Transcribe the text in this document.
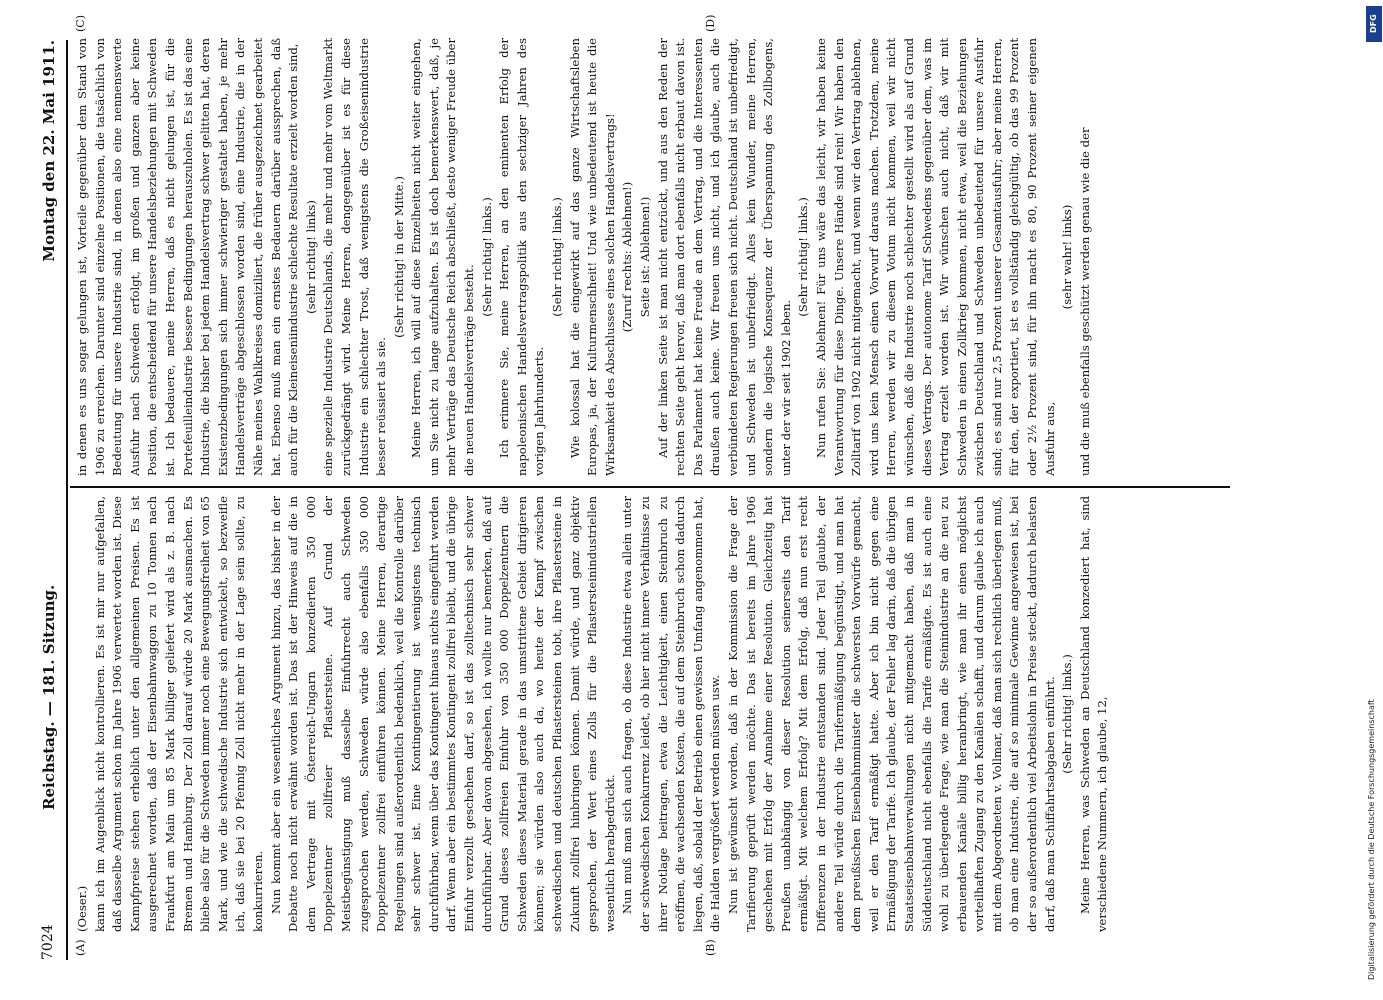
7024
Reichstag. — 181. Sitzung.
Montag den 22. Mai 1911.
(A)	(B)
(C)	(D)

(Oeser.) kann ich im Augenblick nicht kontrollieren. Es ist mir nur aufgefallen, daß dasselbe Argument schon im Jahre 1906 verwertet worden ist. Diese Kampfpreise stehen erheblich unter den allgemeinen Preisen. Es ist ausgerechnet worden, daß der Eisenbahnwaggon zu 10 Tonnen nach Frankfurt am Main um 85 Mark billiger geliefert wird als z. B. nach Bremen und Hamburg. Der Zoll darauf würde 20 Mark ausmachen. Es bliebe also für die Schweden immer noch eine Bewegungsfreiheit von 65 Mark, und wie die schwedische Industrie sich entwickelt, so bezweifle ich, daß sie bei 20 Pfennig Zoll nicht mehr in der Lage sein sollte, zu konkurrieren. Nun kommt aber ein wesentliches Argument hinzu, das bisher in der Debatte noch nicht erwähnt worden ist. Das ist der Hinweis auf die in dem Vertrage mit Österreich-Ungarn konzedierten 350 000 Doppelzentner zollfreier Pflastersteine. Auf Grund der Meistbegünstigung muß dasselbe Einfuhrrecht auch Schweden zugesprochen werden, Schweden würde also ebenfalls 350 000 Doppelzentner zollfrei einführen können. Meine Herren, derartige Regelungen sind außerordentlich bedenklich, weil die Kontrolle darüber sehr schwer ist. Eine Kontingentierung ist wenigstens technisch durchführbar, wenn über das Kontingent hinaus nichts eingeführt werden darf. Wenn aber ein bestimmtes Kontingent zollfrei bleibt, und die übrige Einfuhr verzollt geschehen darf, so ist das zolltechnisch sehr schwer durchführbar. Aber davon abgesehen, ich wollte nur bemerken, daß auf Grund dieses zollfreien Einfuhr von 350 000 Doppelzentnern die Schweden dieses Material gerade in das umstrittene Gebiet dirigieren können; sie würden also auch da, wo heute der Kampf zwischen schwedischen und deutschen Pflastersteinen tobt, ihre Pflastersteine in Zukunft zollfrei hinbringen können. Damit würde, und ganz objektiv gesprochen, der Wert eines Zolls für die Pflastersteinindustriellen wesentlich herabgedrückt. Nun muß man sich auch fragen, ob diese Industrie etwa allein unter der schwedischen Konkurrenz leidet, ob hier nicht innere Verhältnisse zu ihrer Notlage beitragen, etwa die Leichtigkeit, einen Steinbruch zu eröffnen, die wachsenden Kosten, die auf dem Steinbruch schon dadurch liegen, daß, sobald der Betrieb einen gewissen Umfang angenommen hat, die Halden vergrößert werden müssen usw. Nun ist gewünscht worden, daß in der Kommission die Frage der Tarifierung geprüft werden möchte. Das ist bereits im Jahre 1906 geschehen mit Erfolg der Annahme einer Resolution. Gleichzeitig hat Preußen unabhängig von dieser Resolution seinerseits den Tarif ermäßigt. Mit welchem Erfolg? Mit dem Erfolg, daß nun erst recht Differenzen in der Industrie entstanden sind. Jeder Teil glaubte, der andere Teil würde durch die Tarifermäßigung begünstigt, und man hat dem preußischen Eisenbahnminister die schwersten Vorwürfe gemacht, weil er den Tarif ermäßigt hatte. Aber ich bin nicht gegen eine Ermäßigung der Tarife. Ich glaube, der Fehler lag darin, daß die übrigen Staatseisenbahnverwaltungen nicht mitgemacht haben, daß man in Süddeutschland nicht ebenfalls die Tarife ermäßigte. Es ist auch eine wohl zu überlegende Frage, wie man die Steinindustrie an die neu zu erbauenden Kanäle billig heranbringt, wie man ihr einen möglichst vorteilhaften Zugang zu den Kanälen schafft, und darum glaube ich auch mit dem Abgeordneten v. Vollmar, daß man sich rechtlich überlegen muß, ob man eine Industrie, die auf so minimale Gewinne angewiesen ist, bei der so außerordentlich viel Arbeitslohn in Preise steckt, dadurch belasten darf, daß man Schiffahrtsabgaben einführt. (Sehr richtig! links.) Meine Herren, was Schweden an Deutschland konzediert hat, sind verschiedene Nummern, ich glaube, 12,

in denen es uns sogar gelungen ist, Vorteile gegenüber dem Stand von 1906 zu erreichen. Darunter sind einzelne Positionen, die tatsächlich von Bedeutung für unsere Industrie sind, in denen also eine nennenswerte Ausfuhr nach Schweden erfolgt, im großen und ganzen aber keine Position, die entscheidend für unsere Handelsbeziehungen mit Schweden ist. Ich bedauere, meine Herren, daß es nicht gelungen ist, für die Portefeuilleindustrie bessere Bedingungen herauszuholen. Es ist das eine Industrie, die bisher bei jedem Handelsvertrag schwer gelitten hat, deren Existenzbedingungen sich immer schwieriger gestaltet haben, je mehr Handelsverträge abgeschlossen worden sind, eine Industrie, die in der Nähe meines Wahlkreises domiziliert, die früher ausgezeichnet gearbeitet hat. Ebenso muß man ein ernstes Bedauern darüber aussprechen, daß auch für die Kleineiseniindustrie schlechte Resultate erzielt worden sind, (sehr richtig! links) eine spezielle Industrie Deutschlands, die mehr und mehr vom Weltmarkt zurückgedrängt wird. Meine Herren, dengegenüber ist es für diese Industrie ein schlechter Trost, daß wenigstens die Großeisenindustrie besser reüssiert als sie.

(Sehr richtig! in der Mitte.) Meine Herren, ich will auf diese Einzelheiten nicht weiter eingehen, um Sie nicht zu lange aufzuhalten. Es ist doch bemerkenswert, daß, je mehr Verträge das Deutsche Reich abschließt, desto weniger Freude über die neuen Handelsverträge besteht.

(Sehr richtig! links.) Ich erinnere Sie, meine Herren, an den eminenten Erfolg der napoleonischen Handelsvertragspolitik aus den sechziger Jahren des vorigen Jahrhunderts.

(Sehr richtig! links.) Wie kolossal hat die eingewirkt auf das ganze Wirtschaftsleben Europas, ja, der Kulturmenschheit! Und wie unbedeutend ist heute die Wirksamkeit des Abschlusses eines solchen Handelsvertrags! (Zuruf rechts: Ablehnen!) Seite ist: Ablehnen!) Auf der linken Seite ist man nicht entzückt, und aus den Reden der rechten Seite geht hervor, daß man dort ebenfalls nicht erbaut davon ist. Das Parlament hat keine Freude an dem Vertrag, und die Interessenten draußen auch keine. Wir freuen uns nicht, und ich glaube, auch die verbündeten Regierungen freuen sich nicht. Deutschland ist unbefriedigt, und Schweden ist unbefriedigt. Alles kein Wunder, meine Herren, sondern die logische Konsequenz der Überspannung des Zollbogens, unter der wir seit 1902 leben.

(Sehr richtig! links.) Nun rufen Sie: Ablehnen! Für uns wäre das leicht, wir haben keine Verantwortung für diese Dinge. Unsere Hände sind rein! Wir haben den Zolltarif von 1902 nicht mitgemacht, und wenn wir den Vertrag ablehnen, wird uns kein Mensch einen Vorwurf daraus machen. Trotzdem, meine Herren, werden wir zu diesem Votum nicht kommen, weil wir nicht wünschen, daß die Industrie noch schlechter gestellt wird als auf Grund dieses Vertrags. Der autonome Tarif Schwedens gegenüber dem, was im Vertrag erzielt worden ist. Wir wünschen auch nicht, daß wir mit Schweden in einen Zollkrieg kommen, nicht etwa, weil die Beziehungen zwischen Deutschland und Schweden unbedeutend für unsere Ausfuhr sind; es sind nur 2,5 Prozent unserer Gesamtausfuhr; aber meine Herren, für den, der exportiert, ist es vollständig gleichgültig, ob das 99 Prozent oder 2½ Prozent sind, für ihn macht es 80, 90 Prozent seiner eigenen Ausfuhr aus,

(sehr wahr! links) und die muß ebenfalls geschützt werden genau wie die der

DFG
Digitalisierung gefördert durch die Deutsche Forschungsgemeinschaft
